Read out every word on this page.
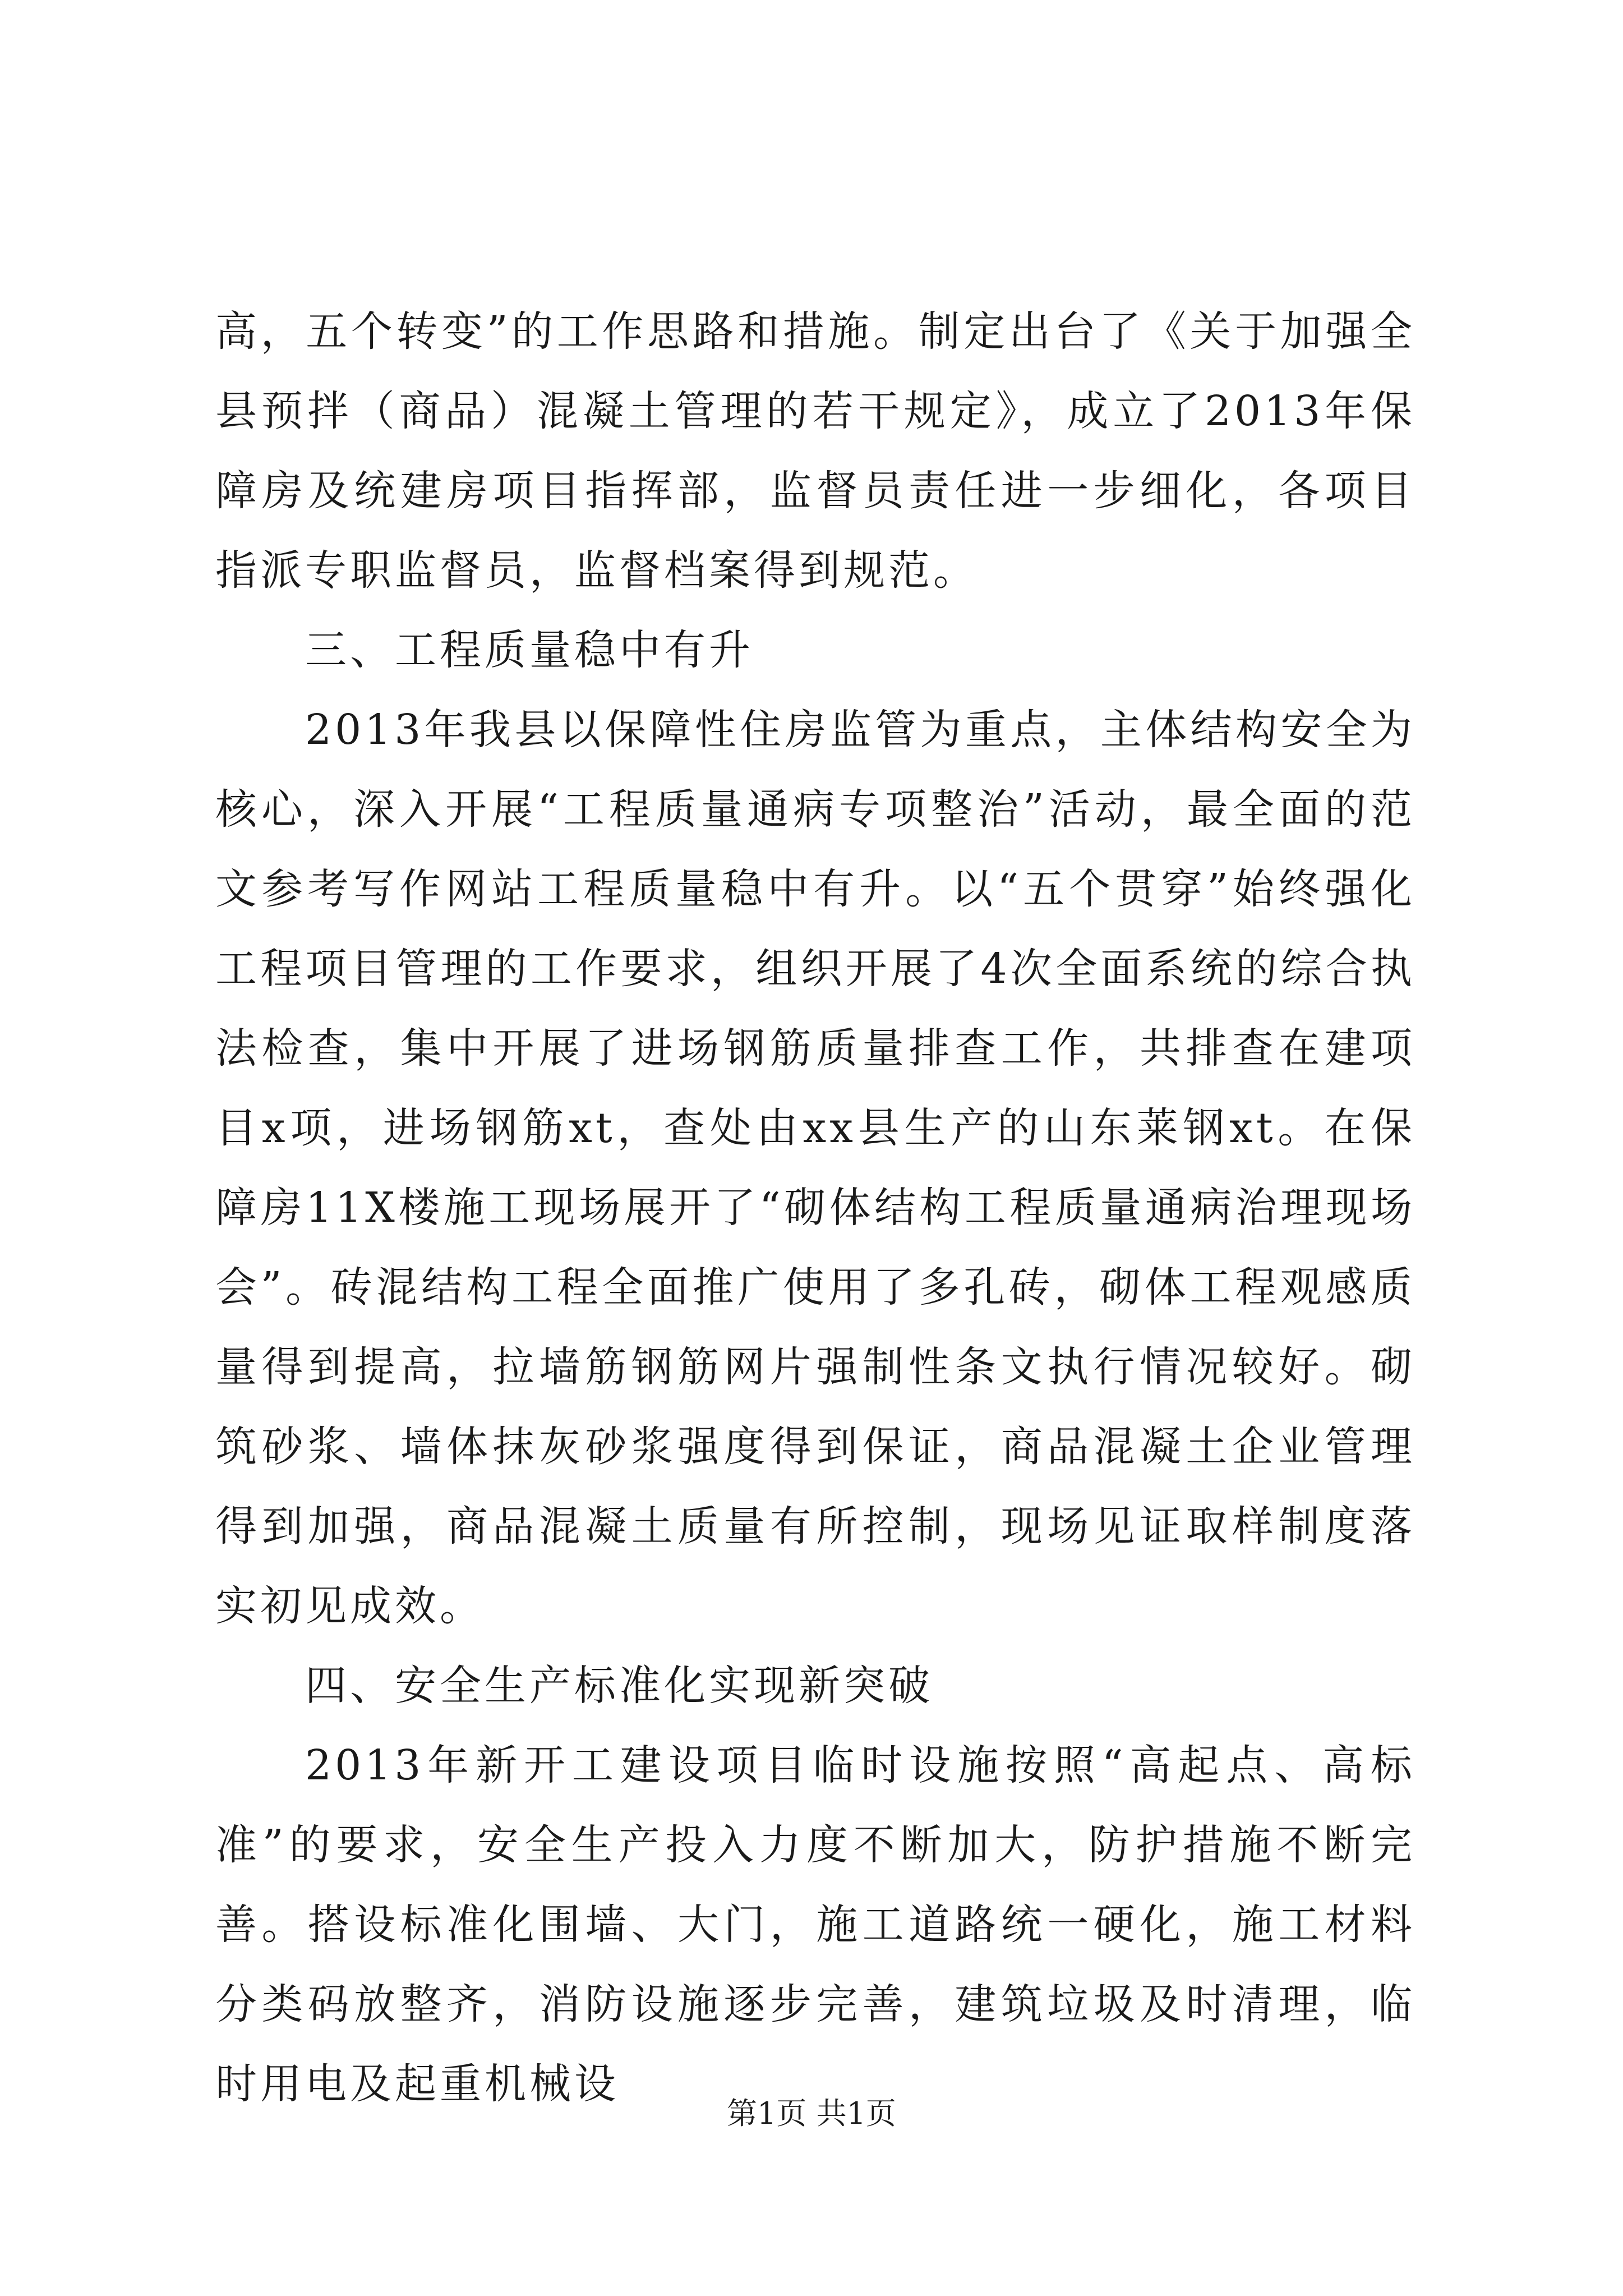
高，五个转变”的工作思路和措施。制定出台了《关于加强全县预拌（商品）混凝土管理的若干规定》，成立了2013年保障房及统建房项目指挥部，监督员责任进一步细化，各项目指派专职监督员，监督档案得到规范。

三、工程质量稳中有升

2013年我县以保障性住房监管为重点，主体结构安全为核心，深入开展“工程质量通病专项整治”活动，最全面的范文参考写作网站工程质量稳中有升。以“五个贯穿”始终强化工程项目管理的工作要求，组织开展了4次全面系统的综合执法检查，集中开展了进场钢筋质量排查工作，共排查在建项目x项，进场钢筋xt，查处由xx县生产的山东莱钢xt。在保障房11X楼施工现场展开了“砌体结构工程质量通病治理现场会”。砖混结构工程全面推广使用了多孔砖，砌体工程观感质量得到提高，拉墙筋钢筋网片强制性条文执行情况较好。砌筑砂浆、墙体抹灰砂浆强度得到保证，商品混凝土企业管理得到加强，商品混凝土质量有所控制，现场见证取样制度落实初见成效。

四、安全生产标准化实现新突破

2013年新开工建设项目临时设施按照“高起点、高标准”的要求，安全生产投入力度不断加大，防护措施不断完善。搭设标准化围墙、大门，施工道路统一硬化，施工材料分类码放整齐，消防设施逐步完善，建筑垃圾及时清理，临时用电及起重机械设

第1页 共1页
